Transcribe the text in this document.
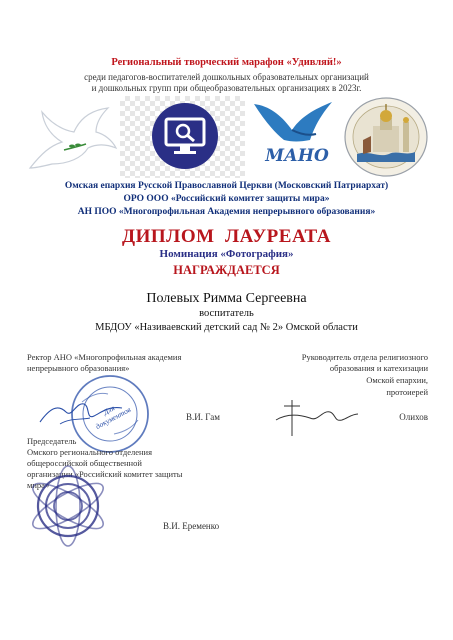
Региональный творческий марафон «Удивляй!»
среди педагогов-воспитателей дошкольных образовательных организаций
и дошкольных групп при общеобразовательных организациях в 2023г.
МАНО
Омская епархия Русской Православной Церкви (Московский Патриархат)
ОРО ООО «Российский комитет защиты мира»
АН ПОО «Многопрофильная Академия непрерывного образования»
ДИПЛОМ  ЛАУРЕАТА
Номинация «Фотография»
НАГРАЖДАЕТСЯ
Полевых Римма Сергеевна
воспитатель
МБДОУ «Називаевский детский сад № 2» Омской области
Ректор АНО «Многопрофильная академия
непрерывного образования»
Для документов	В.И. Гам
Руководитель отдела религиозного
образования и катехизации
Омской епархии,
протоиерей
Олихов
Председатель
Омского регионального отделения
общероссийской общественной
организации «Российский комитет защиты
мира»
В.И. Еременко
